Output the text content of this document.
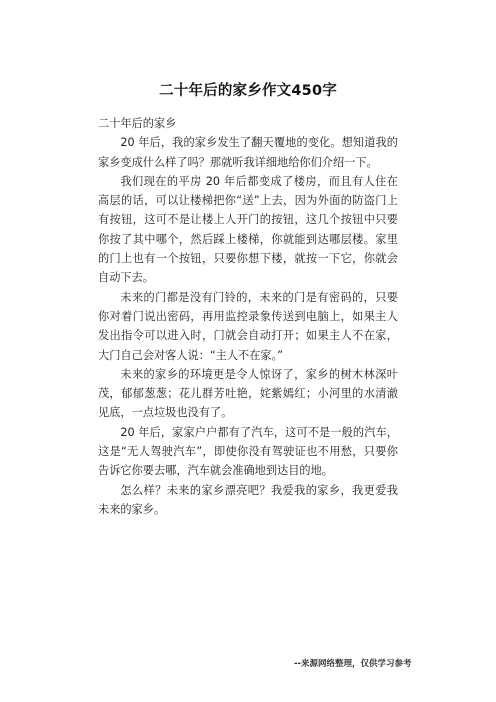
二十年后的家乡作文450字

二十年后的家乡

20 年后，我的家乡发生了翻天覆地的变化。想知道我的家乡变成什么样了吗？那就听我详细地给你们介绍一下。

我们现在的平房 20 年后都变成了楼房，而且有人住在高层的话，可以让楼梯把你“送”上去，因为外面的防盗门上有按钮，这可不是让楼上人开门的按钮，这几个按钮中只要你按了其中哪个，然后踩上楼梯，你就能到达哪层楼。家里的门上也有一个按钮，只要你想下楼，就按一下它，你就会自动下去。

未来的门都是没有门铃的，未来的门是有密码的，只要你对着门说出密码，再用监控录象传送到电脑上，如果主人发出指令可以进入时，门就会自动打开；如果主人不在家，大门自己会对客人说：“主人不在家。”

未来的家乡的环境更是令人惊讶了，家乡的树木林深叶茂，郁郁葱葱；花儿群芳吐艳，姹紫嫣红；小河里的水清澈见底，一点垃圾也没有了。

20 年后，家家户户都有了汽车，这可不是一般的汽车，这是“无人驾驶汽车”，即使你没有驾驶证也不用愁，只要你告诉它你要去哪，汽车就会准确地到达目的地。

怎么样？未来的家乡漂亮吧？我爱我的家乡，我更爱我未来的家乡。

--来源网络整理，仅供学习参考
